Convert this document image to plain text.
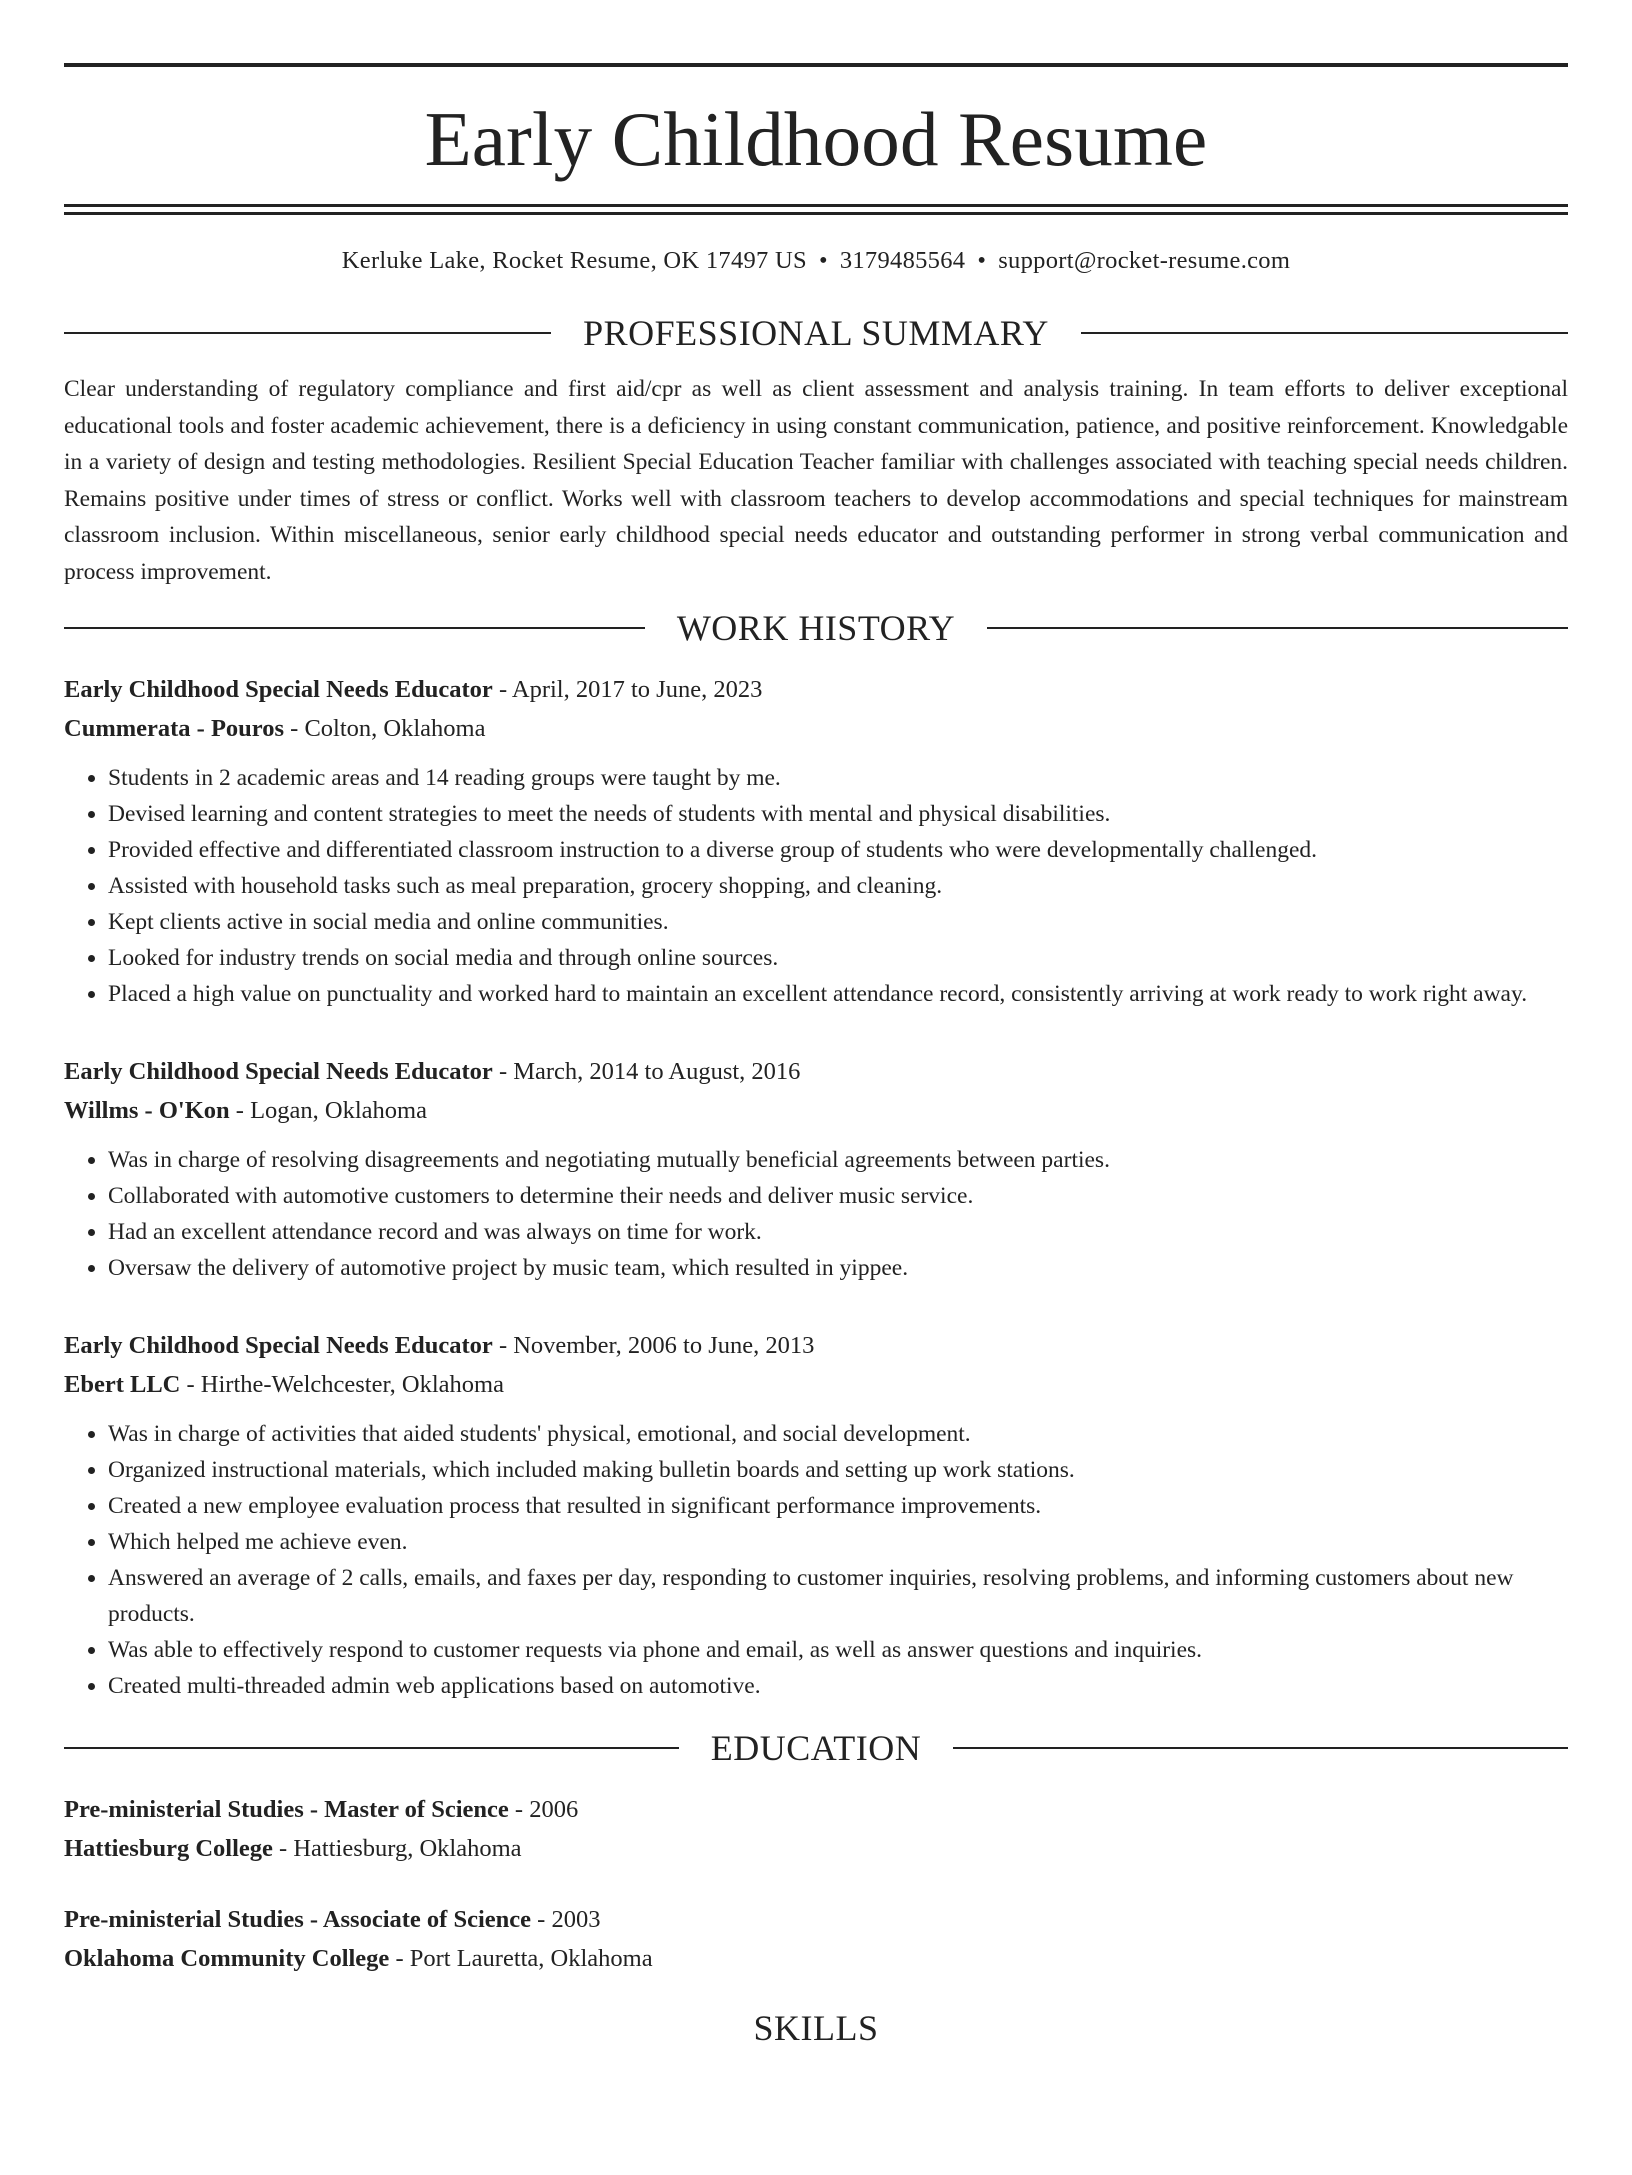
Early Childhood Resume
Kerluke Lake, Rocket Resume, OK 17497 US • 3179485564 • support@rocket-resume.com
PROFESSIONAL SUMMARY
Clear understanding of regulatory compliance and first aid/cpr as well as client assessment and analysis training. In team efforts to deliver exceptional educational tools and foster academic achievement, there is a deficiency in using constant communication, patience, and positive reinforcement. Knowledgable in a variety of design and testing methodologies. Resilient Special Education Teacher familiar with challenges associated with teaching special needs children. Remains positive under times of stress or conflict. Works well with classroom teachers to develop accommodations and special techniques for mainstream classroom inclusion. Within miscellaneous, senior early childhood special needs educator and outstanding performer in strong verbal communication and process improvement.
WORK HISTORY
Early Childhood Special Needs Educator - April, 2017 to June, 2023
Cummerata - Pouros - Colton, Oklahoma
• Students in 2 academic areas and 14 reading groups were taught by me.
• Devised learning and content strategies to meet the needs of students with mental and physical disabilities.
• Provided effective and differentiated classroom instruction to a diverse group of students who were developmentally challenged.
• Assisted with household tasks such as meal preparation, grocery shopping, and cleaning.
• Kept clients active in social media and online communities.
• Looked for industry trends on social media and through online sources.
• Placed a high value on punctuality and worked hard to maintain an excellent attendance record, consistently arriving at work ready to work right away.
Early Childhood Special Needs Educator - March, 2014 to August, 2016
Willms - O'Kon - Logan, Oklahoma
• Was in charge of resolving disagreements and negotiating mutually beneficial agreements between parties.
• Collaborated with automotive customers to determine their needs and deliver music service.
• Had an excellent attendance record and was always on time for work.
• Oversaw the delivery of automotive project by music team, which resulted in yippee.
Early Childhood Special Needs Educator - November, 2006 to June, 2013
Ebert LLC - Hirthe-Welchcester, Oklahoma
• Was in charge of activities that aided students' physical, emotional, and social development.
• Organized instructional materials, which included making bulletin boards and setting up work stations.
• Created a new employee evaluation process that resulted in significant performance improvements.
• Which helped me achieve even.
• Answered an average of 2 calls, emails, and faxes per day, responding to customer inquiries, resolving problems, and informing customers about new products.
• Was able to effectively respond to customer requests via phone and email, as well as answer questions and inquiries.
• Created multi-threaded admin web applications based on automotive.
EDUCATION
Pre-ministerial Studies - Master of Science - 2006
Hattiesburg College - Hattiesburg, Oklahoma
Pre-ministerial Studies - Associate of Science - 2003
Oklahoma Community College - Port Lauretta, Oklahoma
SKILLS
